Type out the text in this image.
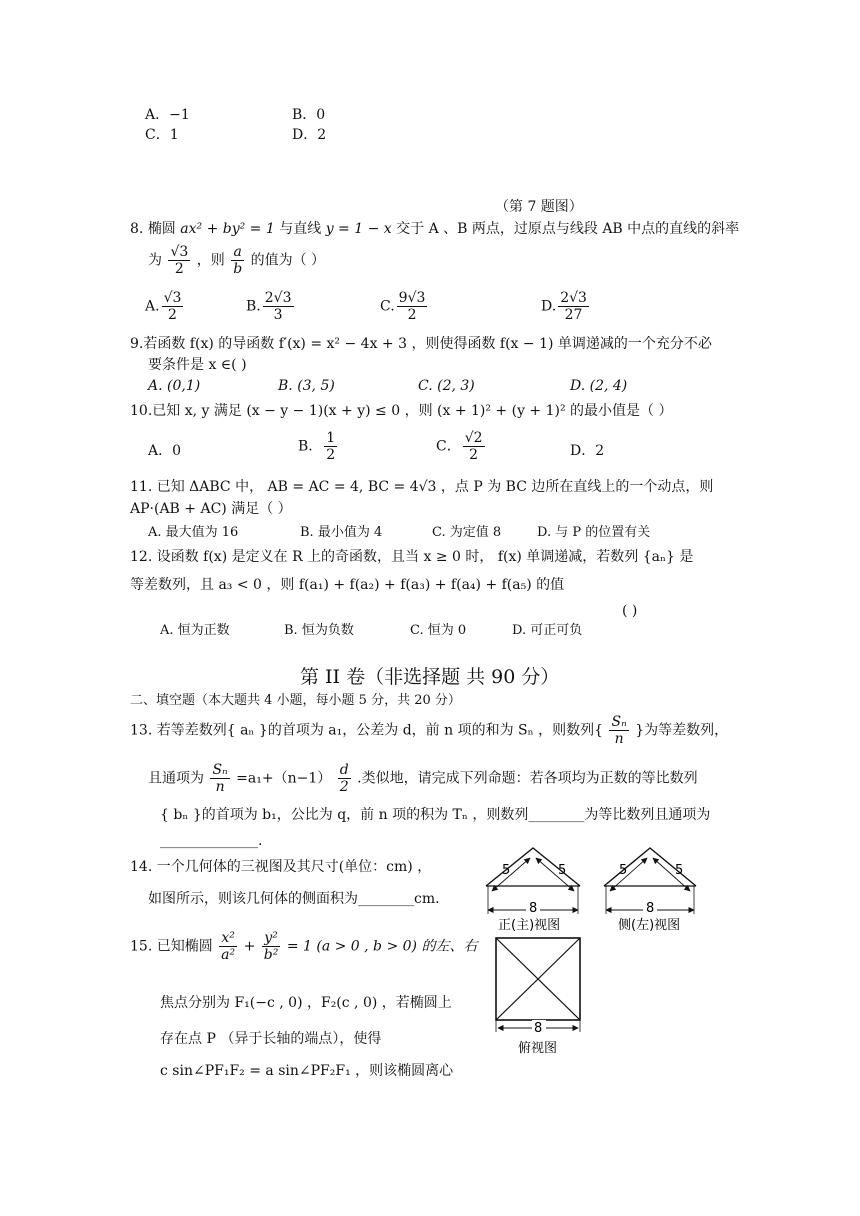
A．−1	B．0
C．1	D．2
（第 7 题图）
8. 椭圆 ax² + by² = 1 与直线 y = 1 − x 交于 A 、B 两点，过原点与线段 AB 中点的直线的斜率
为 $\frac{√3}{2}$ ，则 $\frac{a}{b}$ 的值为（ ）
A. $\frac{√3}{2}$	B. $\frac{2√3}{3}$	C. $\frac{9√3}{2}$	D. $\frac{2√3}{27}$
9.若函数 f(x) 的导函数 f′(x) = x² − 4x + 3 ，则使得函数 f(x − 1) 单调递减的一个充分不必
要条件是 x ∈( )
A. (0,1)	B. (3, 5)	C. (2, 3)	D. (2, 4)
10.已知 x, y 满足 (x − y − 1)(x + y) ≤ 0 ，则 (x + 1)² + (y + 1)² 的最小值是（ ）
A．0	B． $\frac{1}{2}$	C． $\frac{√2}{2}$	D．2
11. 已知 ΔABC 中， AB = AC = 4, BC = 4√3 ，点 P 为 BC 边所在直线上的一个动点，则
AP·(AB + AC) 满足（ ）
A. 最大值为 16	B. 最小值为 4	C. 为定值 8	D. 与 P 的位置有关
12. 设函数 f(x) 是定义在 R 上的奇函数，且当 x ≥ 0 时， f(x) 单调递减，若数列 {aₙ} 是
等差数列，且 a₃ < 0 ，则 f(a₁) + f(a₂) + f(a₃) + f(a₄) + f(a₅) 的值
( )
A. 恒为正数	B. 恒为负数	C. 恒为 0	D. 可正可负
第 II 卷（非选择题 共 90 分）
二、填空题（本大题共 4 小题，每小题 5 分，共 20 分）
13. 若等差数列{ aₙ }的首项为 a₁，公差为 d，前 n 项的和为 Sₙ ，则数列{ $\frac{\text{Sₙ}}{n}$ }为等差数列，
且通项为 $\frac{\text{Sₙ}}{n} =a_1+(n-1) \frac{d}{2}$ .类似地，请完成下列命题：若各项均为正数的等比数列
{ bₙ }的首项为 b₁，公比为 q，前 n 项的积为 Tₙ ，则数列________为等比数列且通项为
______________.
14. 一个几何体的三视图及其尺寸(单位：cm) ，
如图所示，则该几何体的侧面积为________cm.
15. 已知椭圆 $\frac{\text{x²}}{\text{a²}} + \frac{\text{y²}}{\text{b²}} = 1$ (a > 0 , b > 0) 的左、右
焦点分别为 F₁(−c , 0) ，F₂(c , 0) ，若椭圆上
存在点 P （异于长轴的端点），使得
c sin∠PF₁F₂ = a sin∠PF₂F₁ ，则该椭圆离心
5	5
8
正(主)视图
5	5
8
侧(左)视图
8
俯视图
